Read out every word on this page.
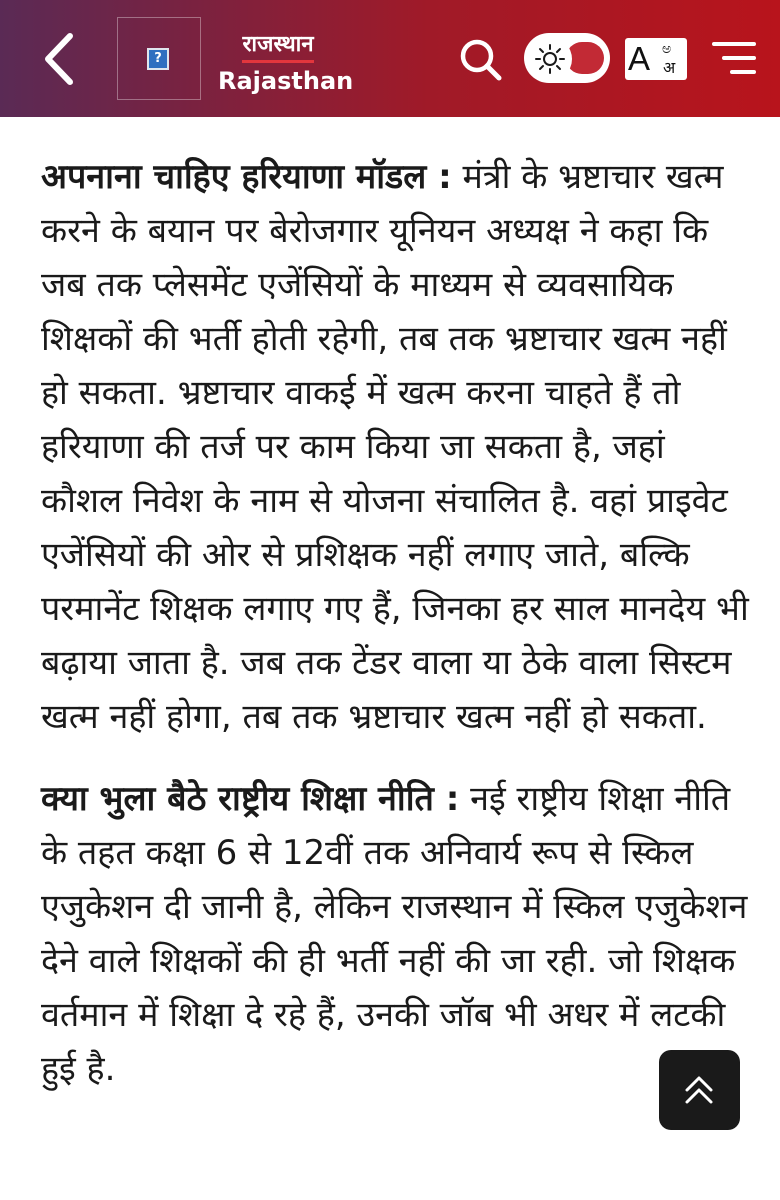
?
राजस्थान
Rajasthan
A ಅ
अ

अपनाना चाहिए हरियाणा मॉडल : मंत्री के भ्रष्टाचार खत्म करने के बयान पर बेरोजगार यूनियन अध्यक्ष ने कहा कि जब तक प्लेसमेंट एजेंसियों के माध्यम से व्यवसायिक शिक्षकों की भर्ती होती रहेगी, तब तक भ्रष्टाचार खत्म नहीं हो सकता. भ्रष्टाचार वाकई में खत्म करना चाहते हैं तो हरियाणा की तर्ज पर काम किया जा सकता है, जहां कौशल निवेश के नाम से योजना संचालित है. वहां प्राइवेट एजेंसियों की ओर से प्रशिक्षक नहीं लगाए जाते, बल्कि परमानेंट शिक्षक लगाए गए हैं, जिनका हर साल मानदेय भी बढ़ाया जाता है. जब तक टेंडर वाला या ठेके वाला सिस्टम खत्म नहीं होगा, तब तक भ्रष्टाचार खत्म नहीं हो सकता.

क्या भुला बैठे राष्ट्रीय शिक्षा नीति : नई राष्ट्रीय शिक्षा नीति के तहत कक्षा 6 से 12वीं तक अनिवार्य रूप से स्किल एजुकेशन दी जानी है, लेकिन राजस्थान में स्किल एजुकेशन देने वाले शिक्षकों की ही भर्ती नहीं की जा रही. जो शिक्षक वर्तमान में शिक्षा दे रहे हैं, उनकी जॉब भी अधर में लटकी हुई है.
